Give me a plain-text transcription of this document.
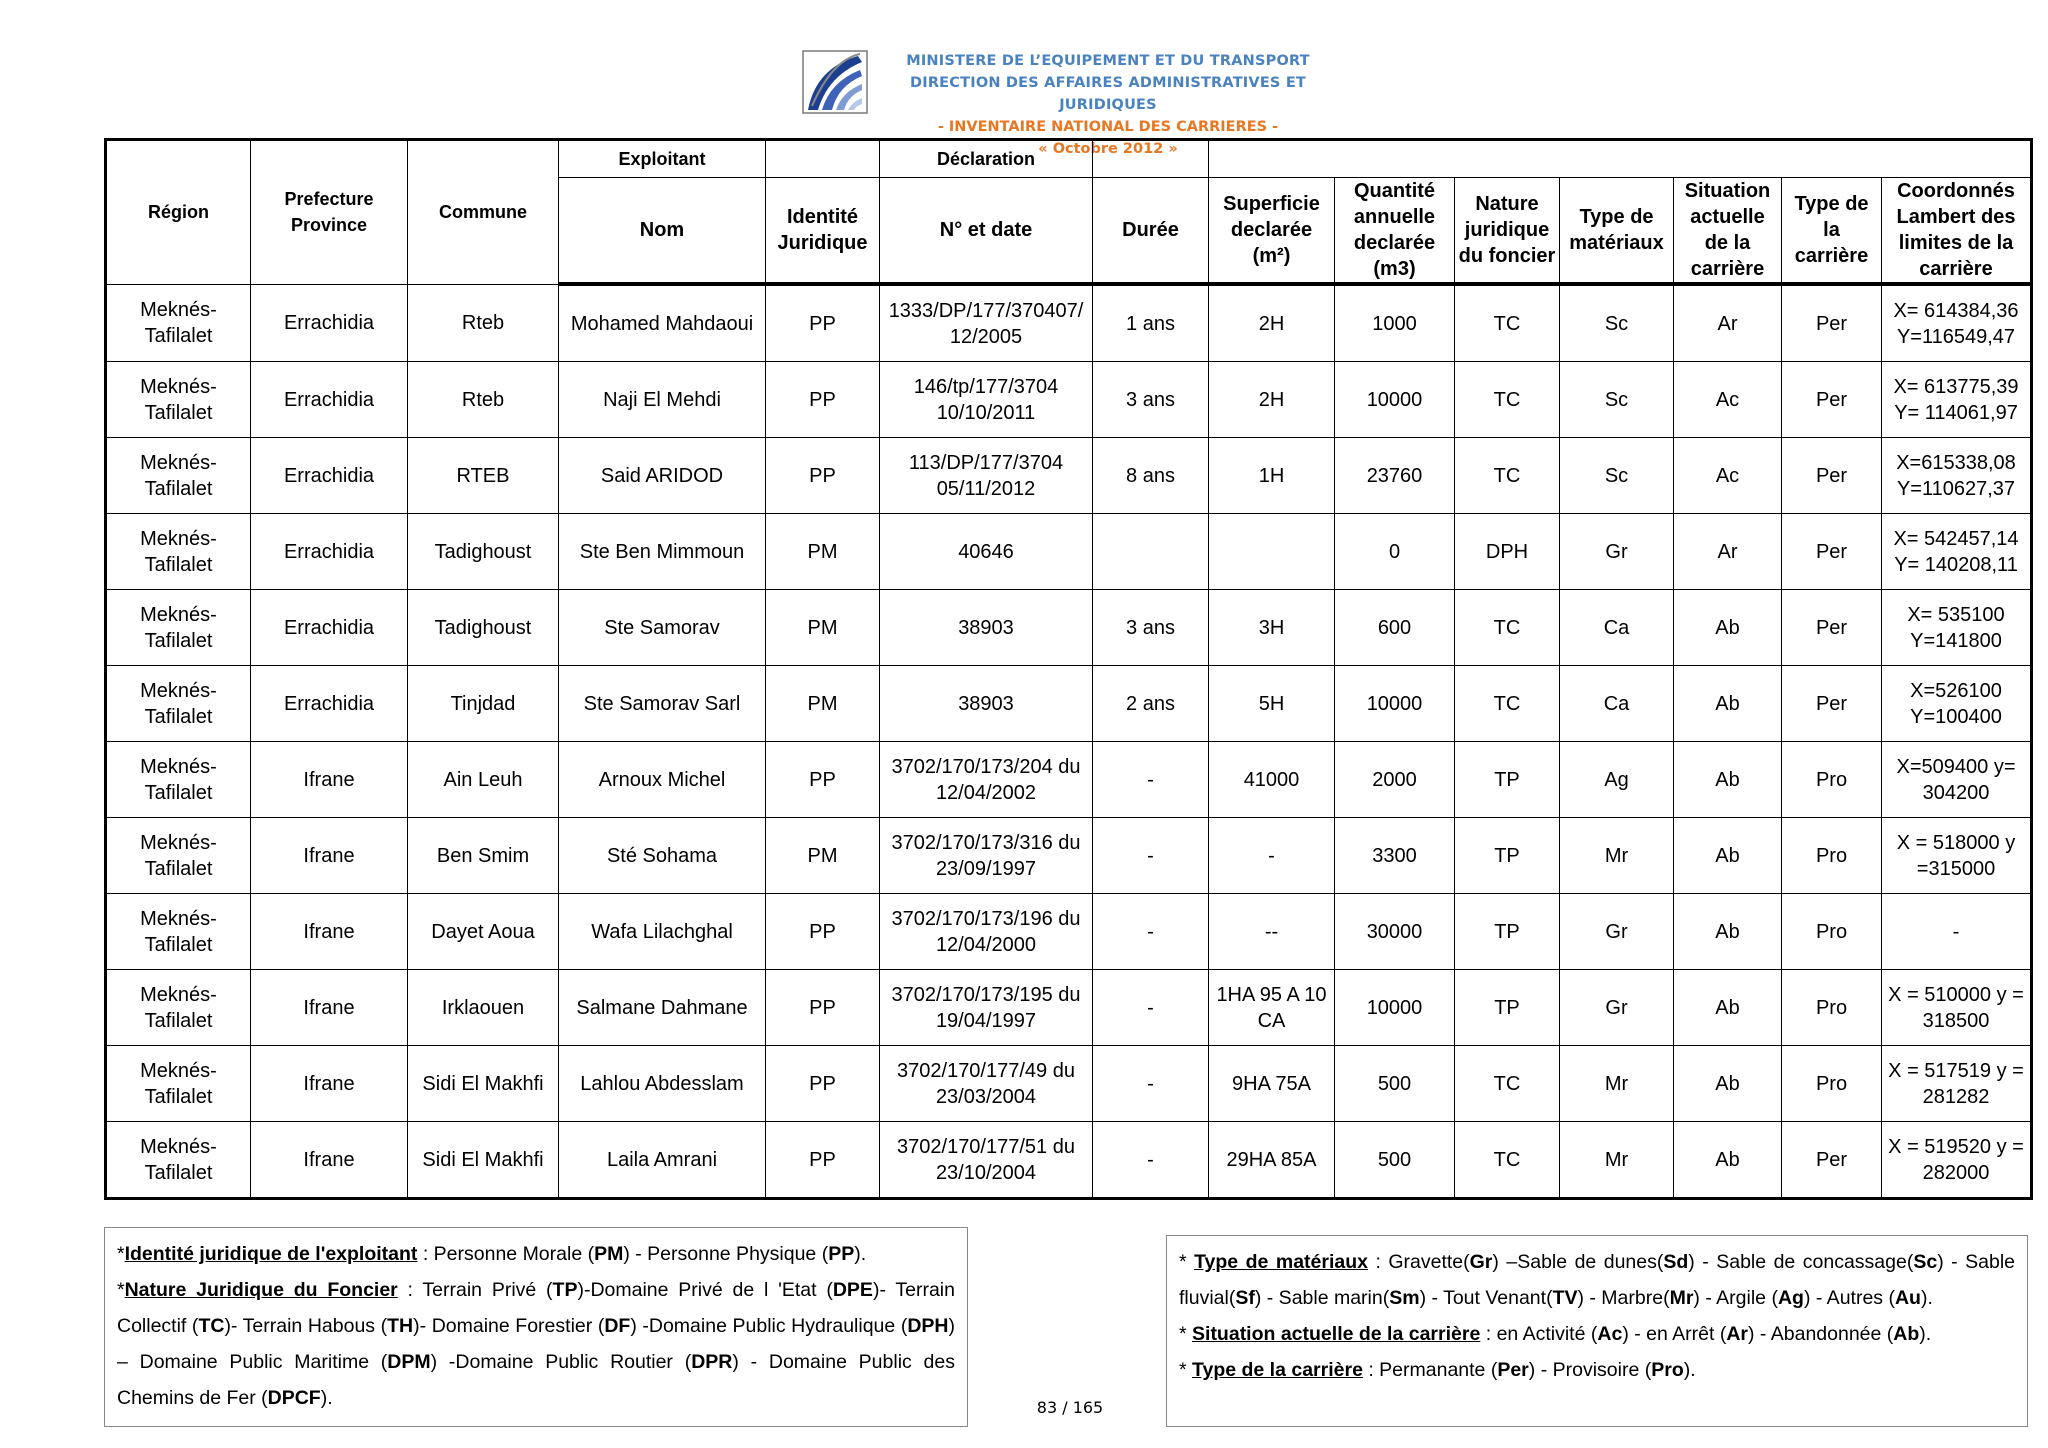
MINISTERE DE L’EQUIPEMENT ET DU TRANSPORT
DIRECTION DES AFFAIRES ADMINISTRATIVES ET JURIDIQUES
- INVENTAIRE NATIONAL DES CARRIERES -
« Octobre 2012 »
Région	Prefecture Province	Commune	Exploitant		Déclaration								
			Nom	Identité Juridique	N° et date	Durée	Superficie declarée (m²)	Quantité annuelle declarée (m3)	Nature juridique du foncier	Type de matériaux	Situation actuelle de la carrière	Type de la carrière	Coordonnés Lambert des limites de la carrière
Meknés-Tafilalet	Errachidia	Rteb	Mohamed Mahdaoui	PP	1333/DP/177/370407/ 12/2005	1 ans	2H	1000	TC	Sc	Ar	Per	X= 614384,36 Y=116549,47
Meknés-Tafilalet	Errachidia	Rteb	Naji El Mehdi	PP	146/tp/177/3704 10/10/2011	3 ans	2H	10000	TC	Sc	Ac	Per	X= 613775,39 Y= 114061,97
Meknés-Tafilalet	Errachidia	RTEB	Said ARIDOD	PP	113/DP/177/3704 05/11/2012	8 ans	1H	23760	TC	Sc	Ac	Per	X=615338,08 Y=110627,37
Meknés-Tafilalet	Errachidia	Tadighoust	Ste Ben Mimmoun	PM	40646			0	DPH	Gr	Ar	Per	X= 542457,14 Y= 140208,11
Meknés-Tafilalet	Errachidia	Tadighoust	Ste Samorav	PM	38903	3 ans	3H	600	TC	Ca	Ab	Per	X= 535100 Y=141800
Meknés-Tafilalet	Errachidia	Tinjdad	Ste Samorav Sarl	PM	38903	2 ans	5H	10000	TC	Ca	Ab	Per	X=526100 Y=100400
Meknés-Tafilalet	Ifrane	Ain Leuh	Arnoux Michel	PP	3702/170/173/204 du 12/04/2002	-	41000	2000	TP	Ag	Ab	Pro	X=509400 y= 304200
Meknés-Tafilalet	Ifrane	Ben Smim	Sté Sohama	PM	3702/170/173/316 du 23/09/1997	-	-	3300	TP	Mr	Ab	Pro	X = 518000 y =315000
Meknés-Tafilalet	Ifrane	Dayet Aoua	Wafa Lilachghal	PP	3702/170/173/196 du 12/04/2000	-	--	30000	TP	Gr	Ab	Pro	-
Meknés-Tafilalet	Ifrane	Irklaouen	Salmane Dahmane	PP	3702/170/173/195 du 19/04/1997	-	1HA 95 A 10 CA	10000	TP	Gr	Ab	Pro	X = 510000 y = 318500
Meknés-Tafilalet	Ifrane	Sidi El Makhfi	Lahlou Abdesslam	PP	3702/170/177/49 du 23/03/2004	-	9HA 75A	500	TC	Mr	Ab	Pro	X = 517519 y = 281282
Meknés-Tafilalet	Ifrane	Sidi El Makhfi	Laila Amrani	PP	3702/170/177/51 du 23/10/2004	-	29HA 85A	500	TC	Mr	Ab	Per	X = 519520 y = 282000
*Identité juridique de l'exploitant : Personne Morale (PM) - Personne Physique (PP).
*Nature Juridique du Foncier : Terrain Privé (TP)-Domaine Privé de l 'Etat (DPE)- Terrain Collectif (TC)- Terrain Habous (TH)- Domaine Forestier (DF) -Domaine Public Hydraulique (DPH) – Domaine Public Maritime (DPM) -Domaine Public Routier (DPR) - Domaine Public des Chemins de Fer (DPCF).
* Type de matériaux : Gravette(Gr) –Sable de dunes(Sd) - Sable de concassage(Sc) - Sable fluvial(Sf) - Sable marin(Sm) - Tout Venant(TV) - Marbre(Mr) - Argile (Ag) - Autres (Au).
* Situation actuelle de la carrière : en Activité (Ac) - en Arrêt (Ar) - Abandonnée (Ab).
* Type de la carrière : Permanante (Per) - Provisoire (Pro).
83 / 165
